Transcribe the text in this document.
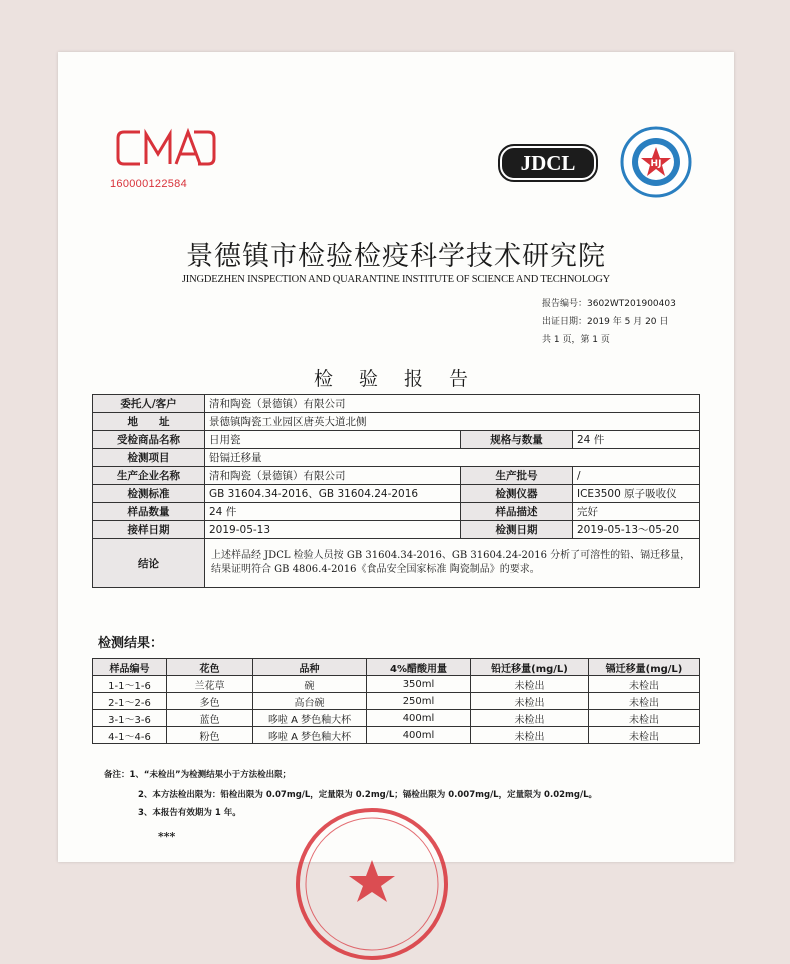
160000122584
JDCL	HJ
景德镇市检验检疫科学技术研究院
JINGDEZHEN INSPECTION AND QUARANTINE INSTITUTE OF SCIENCE AND TECHNOLOGY
报告编号：3602WT201900403
出证日期：2019 年 5 月 20 日
共 1 页，第 1 页
检 验 报 告
委托人/客户	清和陶瓷（景德镇）有限公司		
地　　址	景德镇陶瓷工业园区唐英大道北侧		
受检商品名称	日用瓷	规格与数量	24 件
检测项目	铅镉迁移量		
生产企业名称	清和陶瓷（景德镇）有限公司	生产批号	/
检测标准	GB 31604.34-2016、GB 31604.24-2016	检测仪器	ICE3500 原子吸收仪
样品数量	24 件	样品描述	完好
接样日期	2019-05-13	检测日期	2019-05-13～05-20
结论	上述样品经 JDCL 检验人员按 GB 31604.34-2016、GB 31604.24-2016 分析了可溶性的铅、镉迁移量，结果证明符合 GB 4806.4-2016《食品安全国家标准 陶瓷制品》的要求。		
检测结果：
样品编号	花色	品种	4%醋酸用量	铅迁移量(mg/L)	镉迁移量(mg/L)
1-1～1-6	兰花草	碗	350ml	未检出	未检出
2-1～2-6	多色	高台碗	250ml	未检出	未检出
3-1～3-6	蓝色	哆啦 A 梦色釉大杯	400ml	未检出	未检出
4-1～4-6	粉色	哆啦 A 梦色釉大杯	400ml	未检出	未检出
备注：1、“未检出”为检测结果小于方法检出限；
2、本方法检出限为：铅检出限为 0.07mg/L，定量限为 0.2mg/L；镉检出限为 0.007mg/L，定量限为 0.02mg/L。
3、本报告有效期为 1 年。
***
